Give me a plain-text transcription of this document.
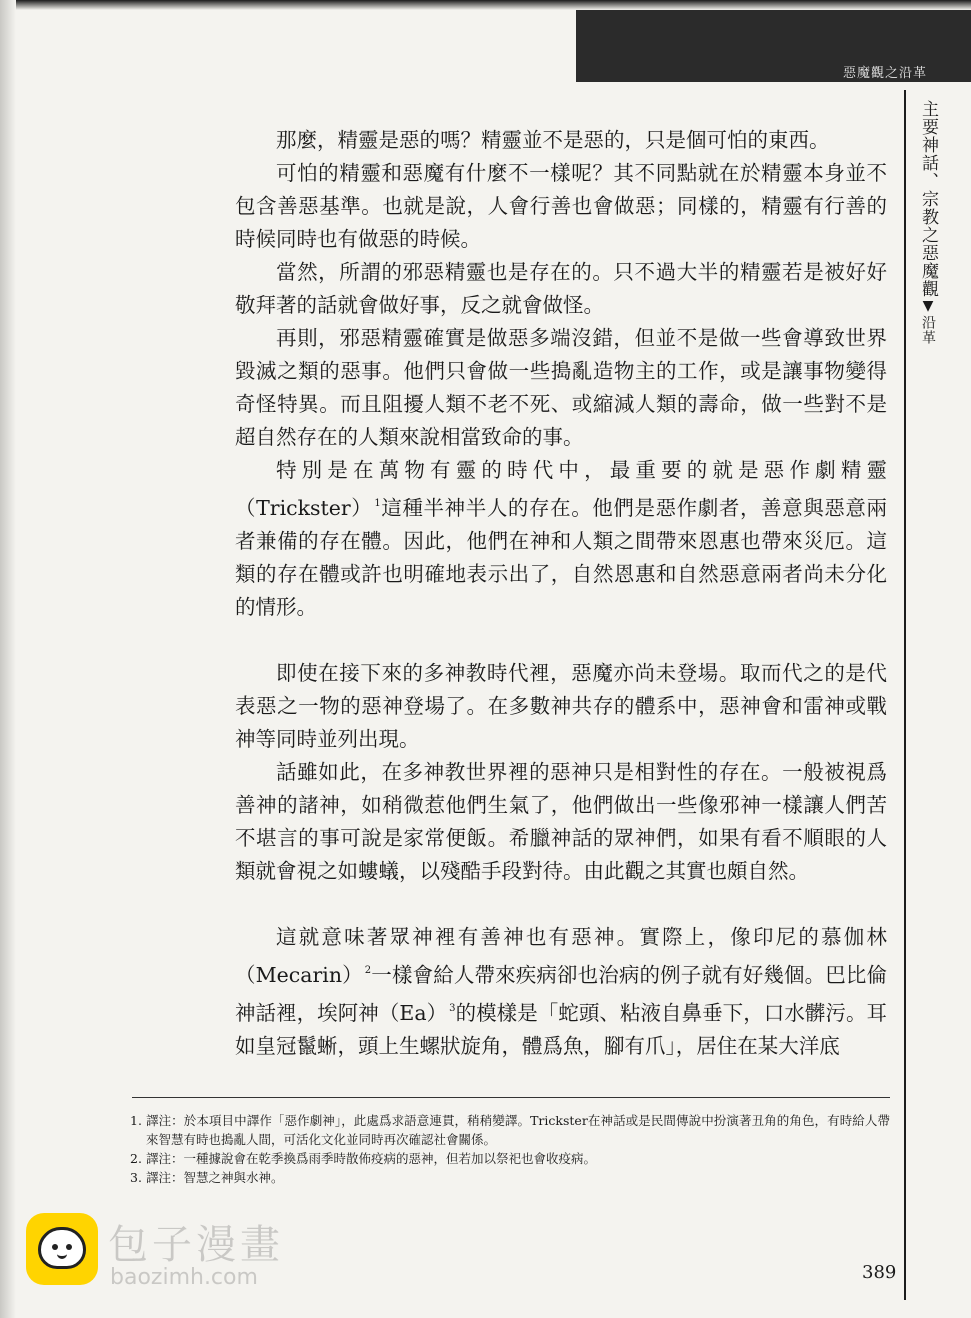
惡魔觀之沿革
主要神話、宗教之惡魔觀▼沿革

那麼，精靈是惡的嗎？精靈並不是惡的，只是個可怕的東西。

可怕的精靈和惡魔有什麼不一樣呢？其不同點就在於精靈本身並不包含善惡基準。也就是說，人會行善也會做惡；同樣的，精靈有行善的時候同時也有做惡的時候。

當然，所謂的邪惡精靈也是存在的。只不過大半的精靈若是被好好敬拜著的話就會做好事，反之就會做怪。

再則，邪惡精靈確實是做惡多端沒錯，但並不是做一些會導致世界毀滅之類的惡事。他們只會做一些搗亂造物主的工作，或是讓事物變得奇怪特異。而且阻擾人類不老不死、或縮減人類的壽命，做一些對不是超自然存在的人類來說相當致命的事。

特別是在萬物有靈的時代中，最重要的就是惡作劇精靈（Trickster） $^1$這種半神半人的存在。他們是惡作劇者，善意與惡意兩者兼備的存在體。因此，他們在神和人類之間帶來恩惠也帶來災厄。這類的存在體或許也明確地表示出了，自然恩惠和自然惡意兩者尚未分化的情形。

即使在接下來的多神教時代裡，惡魔亦尚未登場。取而代之的是代表惡之一物的惡神登場了。在多數神共存的體系中，惡神會和雷神或戰神等同時並列出現。

話雖如此，在多神教世界裡的惡神只是相對性的存在。一般被視爲善神的諸神，如稍微惹他們生氣了，他們做出一些像邪神一樣讓人們苦不堪言的事可說是家常便飯。希臘神話的眾神們，如果有看不順眼的人類就會視之如螻蟻，以殘酷手段對待。由此觀之其實也頗自然。

這就意味著眾神裡有善神也有惡神。實際上，像印尼的慕伽林（Mecarin） $^2$一樣會給人帶來疾病卻也治病的例子就有好幾個。巴比倫神話裡，埃阿神（Ea） $^3$的模樣是「蛇頭、粘液自鼻垂下，口水髒污。耳如皇冠鬣蜥，頭上生螺狀旋角，體爲魚，腳有爪」，居住在某大洋底

1. 譯注：於本項目中譯作「惡作劇神」，此處爲求語意連貫，稍稍變譯。Trickster在神話或是民間傳說中扮演著丑角的角色，有時給人帶來智慧有時也搗亂人間，可活化文化並同時再次確認社會關係。
2. 譯注：一種據說會在乾季換爲雨季時散佈疫病的惡神，但若加以祭祀也會收疫病。
3. 譯注：智慧之神與水神。
389
包子漫畫
baozimh.com
